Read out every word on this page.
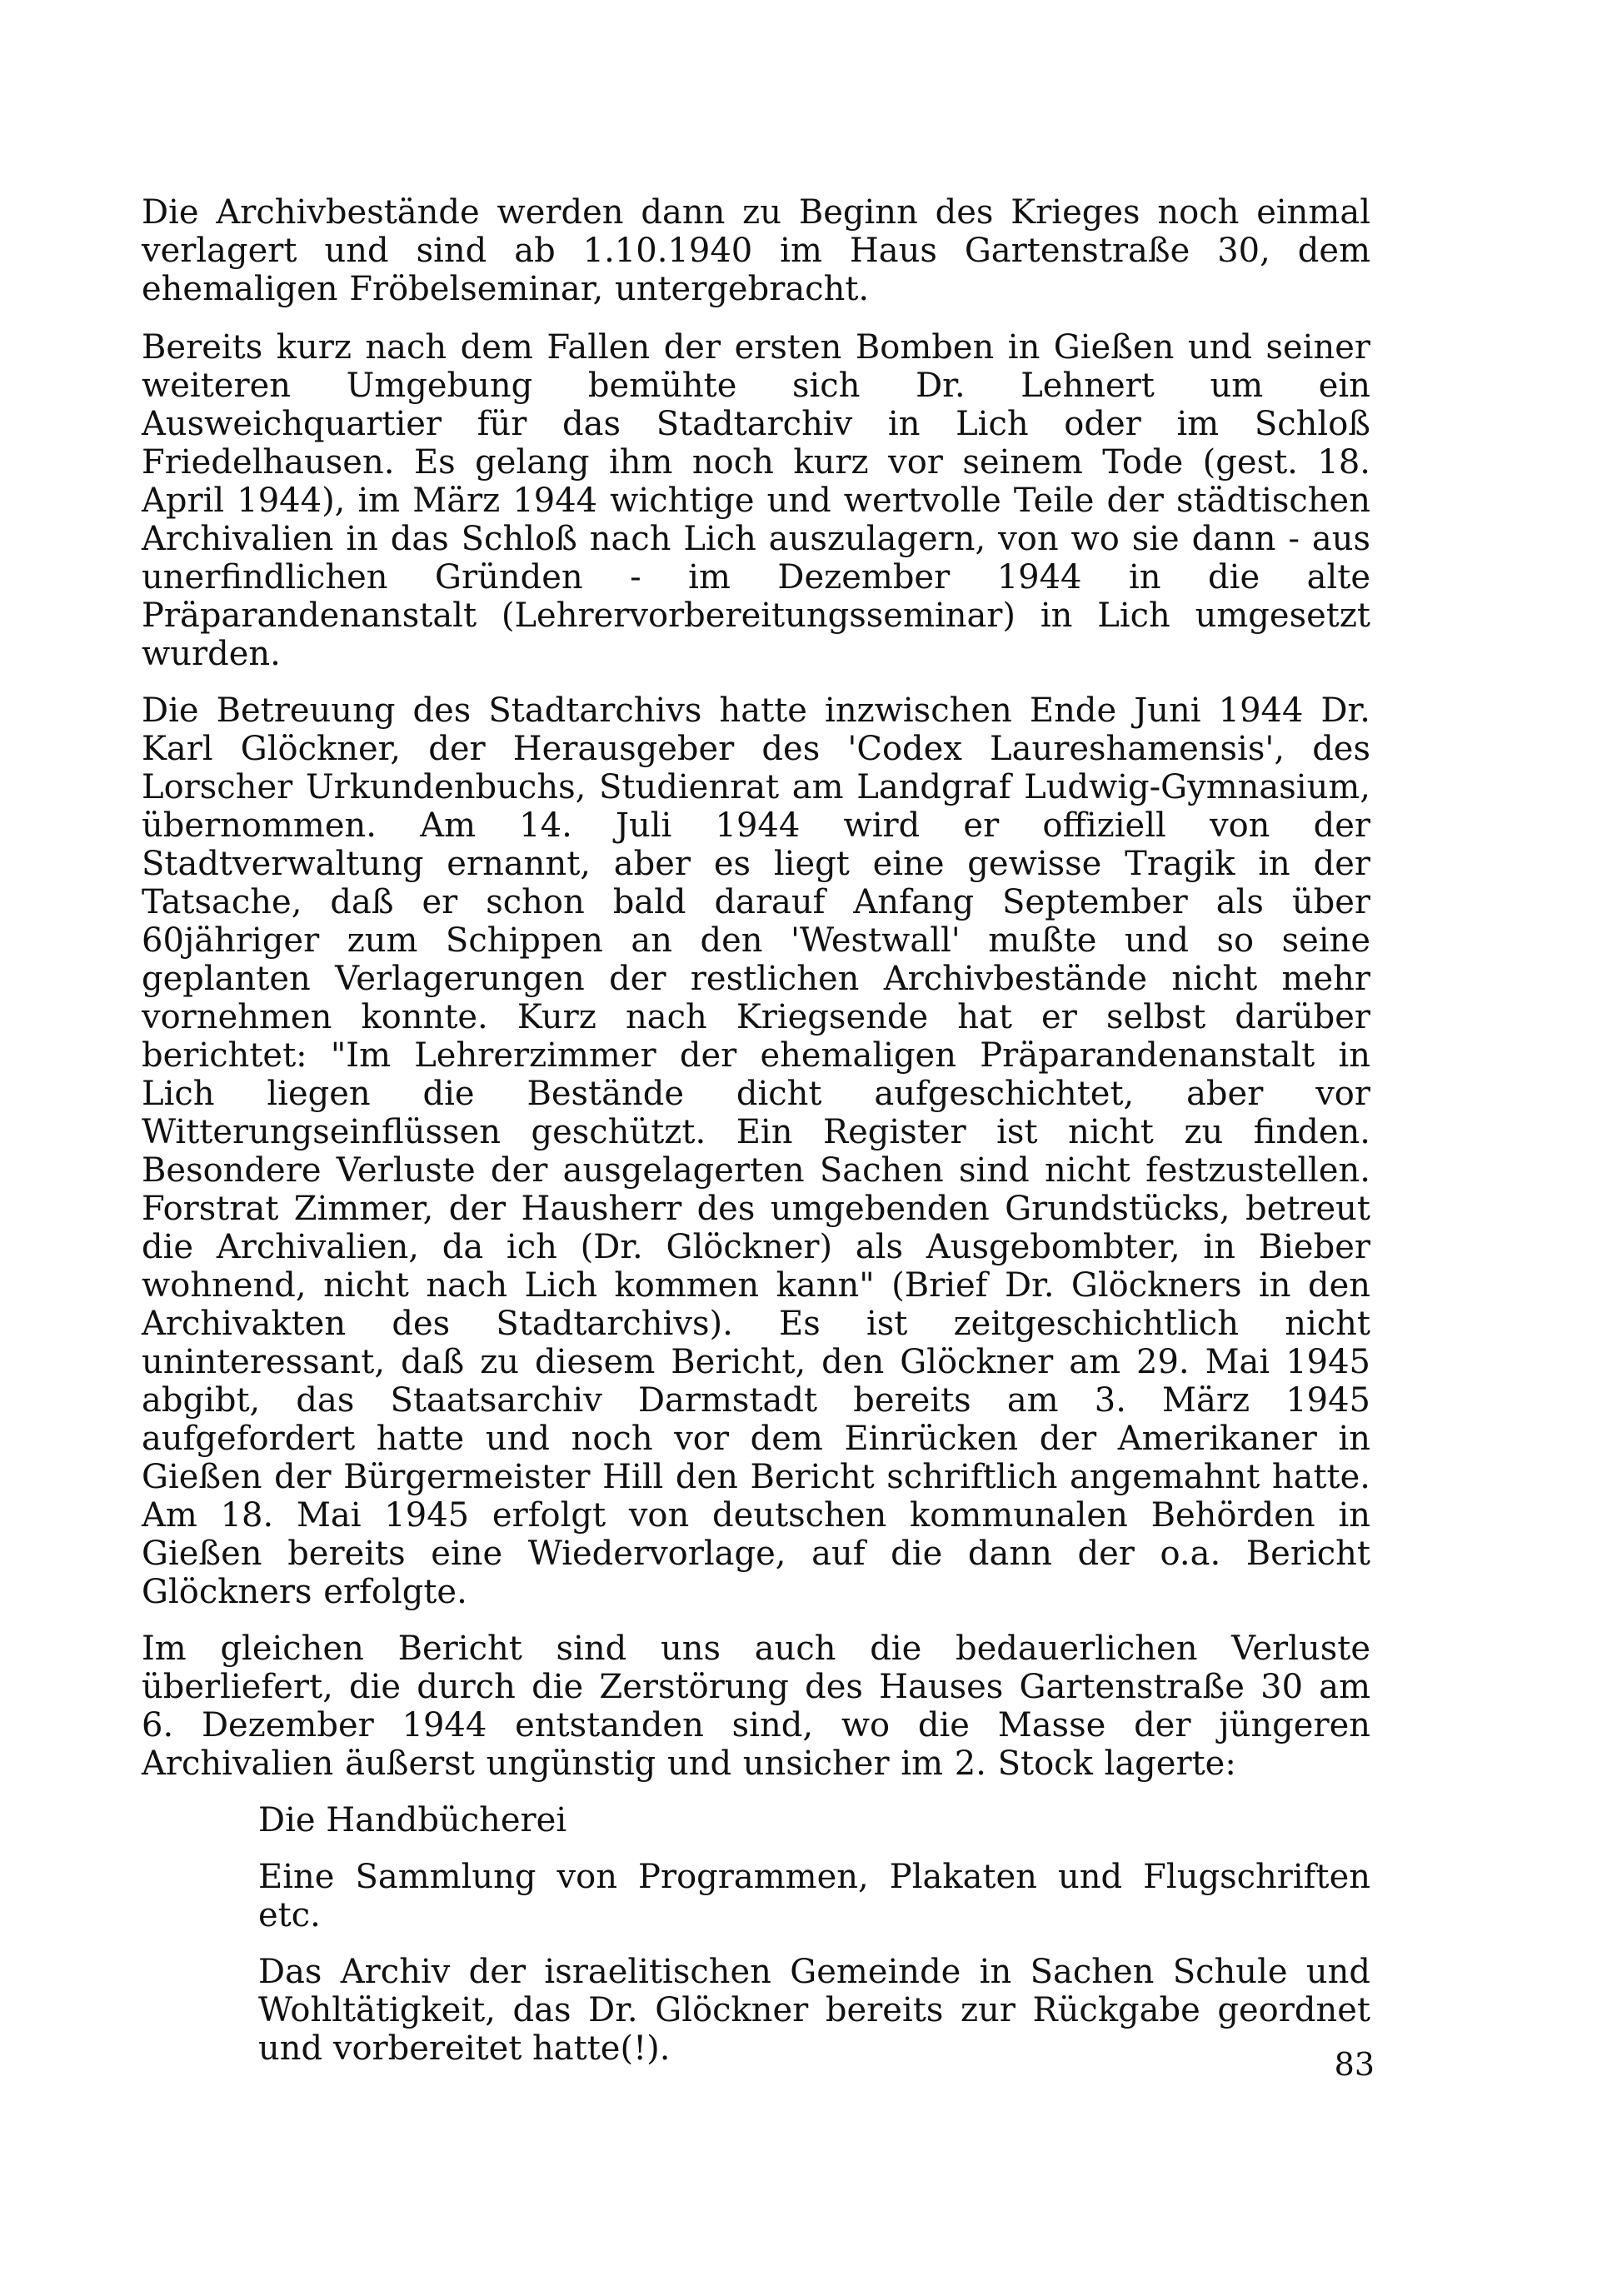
Die Archivbestände werden dann zu Beginn des Krieges noch einmal verlagert und sind ab 1.10.1940 im Haus Gartenstraße 30, dem ehemaligen Fröbelseminar, untergebracht.

Bereits kurz nach dem Fallen der ersten Bomben in Gießen und seiner weiteren Umgebung bemühte sich Dr. Lehnert um ein Ausweichquartier für das Stadtarchiv in Lich oder im Schloß Friedelhausen. Es gelang ihm noch kurz vor seinem Tode (gest. 18. April 1944), im März 1944 wichtige und wertvolle Teile der städtischen Archivalien in das Schloß nach Lich auszulagern, von wo sie dann - aus unerfindlichen Gründen - im Dezember 1944 in die alte Präparandenanstalt (Lehrervorbereitungsseminar) in Lich umgesetzt wurden.

Die Betreuung des Stadtarchivs hatte inzwischen Ende Juni 1944 Dr. Karl Glöckner, der Herausgeber des 'Codex Laureshamensis', des Lorscher Urkundenbuchs, Studienrat am Landgraf Ludwig-Gymnasium, übernommen. Am 14. Juli 1944 wird er offiziell von der Stadtverwaltung ernannt, aber es liegt eine gewisse Tragik in der Tatsache, daß er schon bald darauf Anfang September als über 60jähriger zum Schippen an den 'Westwall' mußte und so seine geplanten Verlagerungen der restlichen Archivbestände nicht mehr vornehmen konnte. Kurz nach Kriegsende hat er selbst darüber berichtet: "Im Lehrerzimmer der ehemaligen Präparandenanstalt in Lich liegen die Bestände dicht aufgeschichtet, aber vor Witterungseinflüssen geschützt. Ein Register ist nicht zu finden. Besondere Verluste der ausgelagerten Sachen sind nicht festzustellen. Forstrat Zimmer, der Hausherr des umgebenden Grundstücks, betreut die Archivalien, da ich (Dr. Glöckner) als Ausgebombter, in Bieber wohnend, nicht nach Lich kommen kann" (Brief Dr. Glöckners in den Archivakten des Stadtarchivs). Es ist zeitgeschichtlich nicht uninteressant, daß zu diesem Bericht, den Glöckner am 29. Mai 1945 abgibt, das Staatsarchiv Darmstadt bereits am 3. März 1945 aufgefordert hatte und noch vor dem Einrücken der Amerikaner in Gießen der Bürgermeister Hill den Bericht schriftlich angemahnt hatte. Am 18. Mai 1945 erfolgt von deutschen kommunalen Behörden in Gießen bereits eine Wiedervorlage, auf die dann der o.a. Bericht Glöckners erfolgte.

Im gleichen Bericht sind uns auch die bedauerlichen Verluste überliefert, die durch die Zerstörung des Hauses Gartenstraße 30 am 6. Dezember 1944 entstanden sind, wo die Masse der jüngeren Archivalien äußerst ungünstig und unsicher im 2. Stock lagerte:

Die Handbücherei

Eine Sammlung von Programmen, Plakaten und Flugschriften etc.

Das Archiv der israelitischen Gemeinde in Sachen Schule und Wohltätigkeit, das Dr. Glöckner bereits zur Rückgabe geordnet und vorbereitet hatte(!).	83
